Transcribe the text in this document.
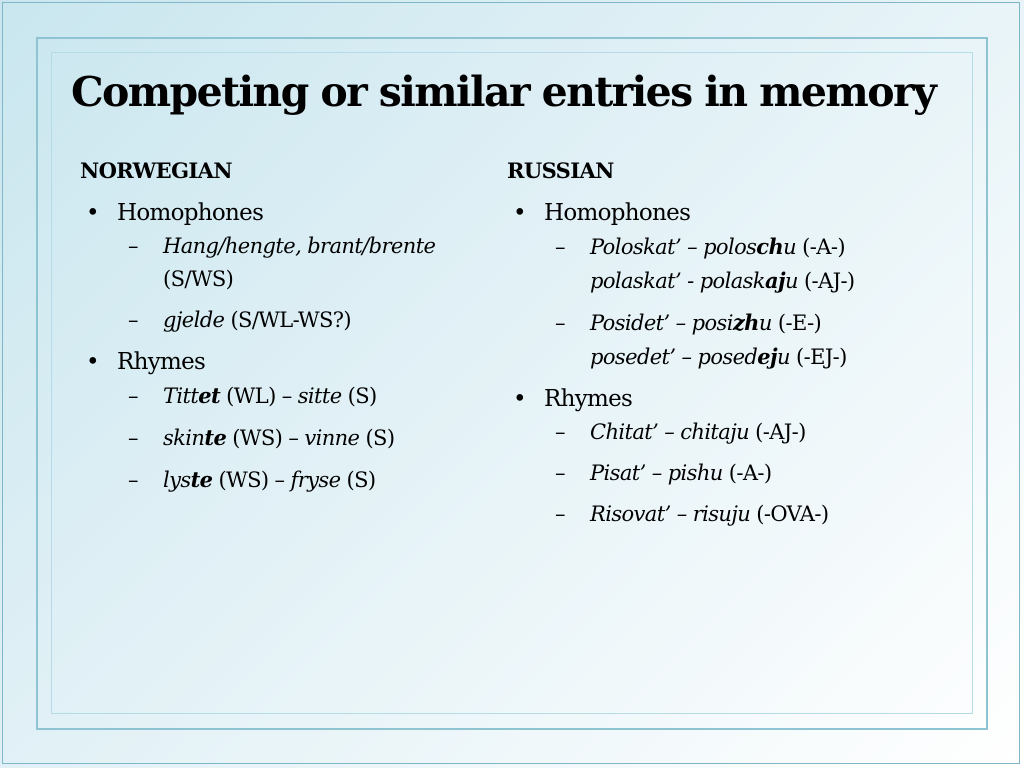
Competing or similar entries in memory
NORWEGIAN
• Homophones
–	Hang/hengte, brant/brente
(S/WS)
–	gjelde (S/WL-WS?)
• Rhymes
–	Tittet (WL) – sitte (S)
–	skinte (WS) – vinne (S)
–	lyste (WS) – fryse (S)
RUSSIAN
• Homophones
–	Poloskat’ – poloschu (-A-)
polaskat’ - polaskaju (-AJ-)
–	Posidet’ – posizhu (-E-)
posedet’ – posedeju (-EJ-)
• Rhymes
–	Chitat’ – chitaju (-AJ-)
–	Pisat’ – pishu (-A-)
–	Risovat’ – risuju (-OVA-)
